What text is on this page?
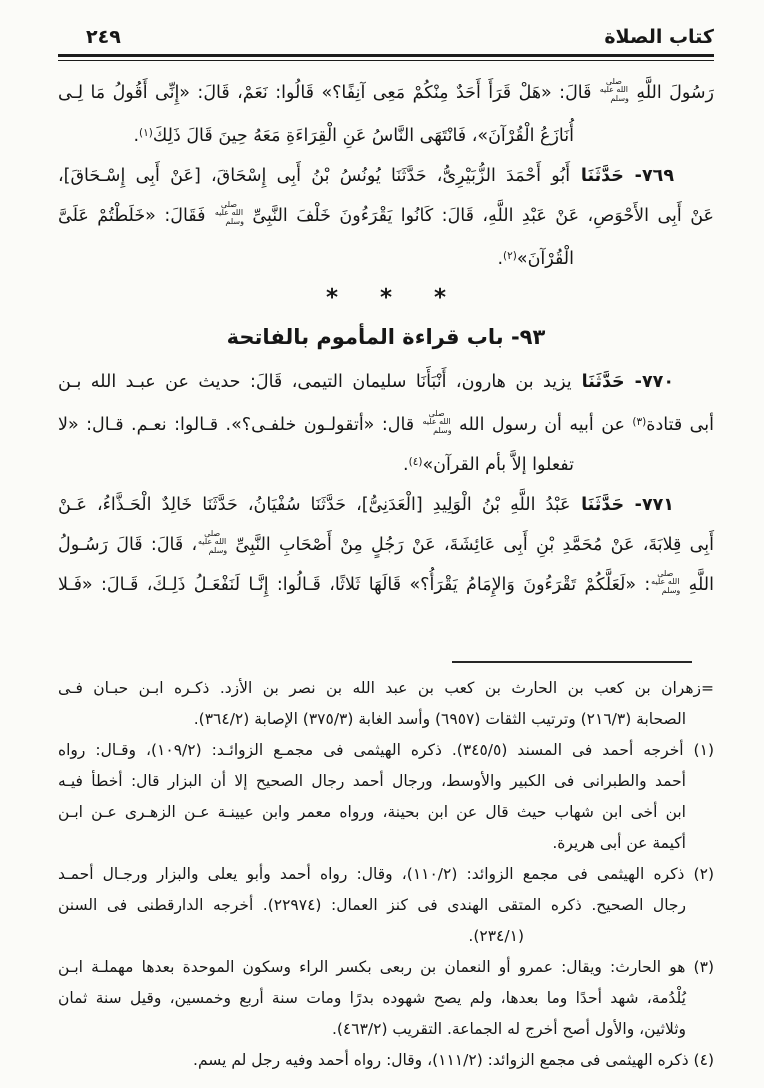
كتاب الصلاة
٢٤٩
رَسُولَ اللَّهِ صلى الله عليه وسلم قَالَ: «هَلْ قَرَأَ أَحَدٌ مِنْكُمْ مَعِى آنِفًا؟» قَالُوا: نَعَمْ، قَالَ: «إِنِّى أَقُولُ مَا لِـى
أُنَازَعُ الْقُرْآنَ»، فَانْتَهَى النَّاسُ عَنِ الْقِرَاءَةِ مَعَهُ حِينَ قَالَ ذَلِكَ$^{(١)}$.
٧٦٩- حَدَّثَنَا أَبُو أَحْمَدَ الزُّبَيْرِىُّ، حَدَّثَنَا يُونُسُ بْنُ أَبِى إِسْحَاقَ، [عَنْ أَبِى إِسْـحَاقَ]،
عَنْ أَبِى الأَحْوَصِ، عَنْ عَبْدِ اللَّهِ، قَالَ: كَانُوا يَقْرَءُونَ خَلْفَ النَّبِىِّ صلى الله عليه وسلم فَقَالَ: «خَلَطْتُمْ عَلَىَّ
الْقُرْآنَ»$^{(٢)}$.
* * *
٩٣- باب قراءة المأموم بالفاتحة
٧٧٠- حَدَّثَنَا يزيد بن هارون، أَنْبَأَنَا سليمان التيمى، قَالَ: حديث عن عبـد الله بـن
أبى قتادة$^{(٣)}$ عن أبيه أن رسول الله صلى الله عليه وسلم قال: «أتقولـون خلفـى؟». قـالوا: نعـم. قـال: «لا
تفعلوا إلاَّ بأم القرآن»$^{(٤)}$.
٧٧١- حَدَّثَنَا عَبْدُ اللَّهِ بْنُ الْوَلِيدِ [الْعَدَنِىُّ]، حَدَّثَنَا سُفْيَانُ، حَدَّثَنَا خَالِدٌ الْحَـذَّاءُ، عَـنْ
أَبِى قِلابَةَ، عَنْ مُحَمَّدِ بْنِ أَبِى عَائِشَةَ، عَنْ رَجُلٍ مِنْ أَصْحَابِ النَّبِىِّ صلى الله عليه وسلم، قَالَ: قَالَ رَسُـولُ
اللَّهِ صلى الله عليه وسلم: «لَعَلَّكُمْ تَقْرَءُونَ وَالإِمَامُ يَقْرَأُ؟» قَالَهَا ثَلاثًا، قَـالُوا: إِنَّـا لَنَفْعَـلُ ذَلِـكَ، قَـالَ: «فَـلا
=زهران بن كعب بن الحارث بن كعب بن عبد الله بن نصر بن الأزد. ذكـره ابـن حبـان فـى
الصحابة (٢١٦/٣) وترتيب الثقات (٦٩٥٧) وأسد الغابة (٣٧٥/٣) الإصابة (٣٦٤/٢).
(١) أخرجه أحمد فى المسند (٣٤٥/٥). ذكره الهيثمى فى مجمـع الزوائـد: (١٠٩/٢)، وقـال: رواه
أحمد والطبرانى فى الكبير والأوسط، ورجال أحمد رجال الصحيح إلا أن البزار قال: أخطأ فيـه
ابن أخى ابن شهاب حيث قال عن ابن بحينة، ورواه معمر وابن عيينـة عـن الزهـرى عـن ابـن
أكيمة عن أبى هريرة.
(٢) ذكره الهيثمى فى مجمع الزوائد: (١١٠/٢)، وقال: رواه أحمد وأبو يعلى والبزار ورجـال أحمـد
رجال الصحيح. ذكره المتقى الهندى فى كنز العمال: (٢٢٩٧٤). أخرجه الدارقطنى فى السنن
(٢٣٤/١).
(٣) هو الحارث: ويقال: عمرو أو النعمان بن ربعى بكسر الراء وسكون الموحدة بعدها مهملـة ابـن
يُلْدُمة، شهد أحدًا وما بعدها، ولم يصح شهوده بدرًا ومات سنة أربع وخمسين، وقيل سنة ثمان
وثلاثين، والأول أصح أخرج له الجماعة. التقريب (٤٦٣/٢).
(٤) ذكره الهيثمى فى مجمع الزوائد: (١١١/٢)، وقال: رواه أحمد وفيه رجل لم يسم.
